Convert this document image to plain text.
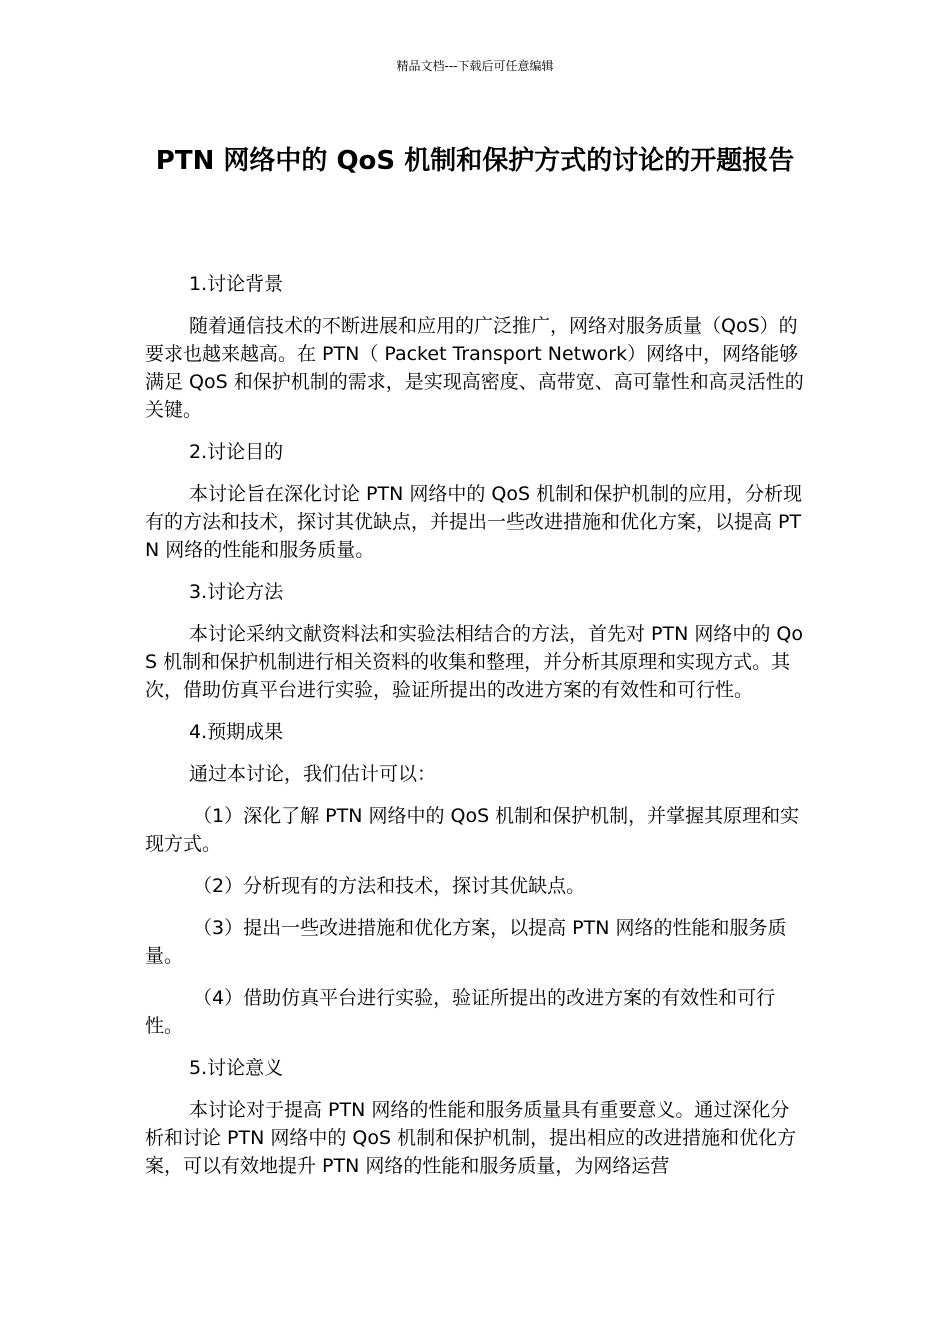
精品文档---下载后可任意编辑
PTN 网络中的 QoS 机制和保护方式的讨论的开题报告

1.讨论背景

随着通信技术的不断进展和应用的广泛推广，网络对服务质量（QoS）的要求也越来越高。在 PTN（ Packet Transport Network）网络中，网络能够满足 QoS 和保护机制的需求，是实现高密度、高带宽、高可靠性和高灵活性的关键。

2.讨论目的

本讨论旨在深化讨论 PTN 网络中的 QoS 机制和保护机制的应用，分析现有的方法和技术，探讨其优缺点，并提出一些改进措施和优化方案，以提高 PTN 网络的性能和服务质量。

3.讨论方法

本讨论采纳文献资料法和实验法相结合的方法，首先对 PTN 网络中的 QoS 机制和保护机制进行相关资料的收集和整理，并分析其原理和实现方式。其次，借助仿真平台进行实验，验证所提出的改进方案的有效性和可行性。

4.预期成果

通过本讨论，我们估计可以：

（1）深化了解 PTN 网络中的 QoS 机制和保护机制，并掌握其原理和实现方式。

（2）分析现有的方法和技术，探讨其优缺点。

（3）提出一些改进措施和优化方案，以提高 PTN 网络的性能和服务质量。

（4）借助仿真平台进行实验，验证所提出的改进方案的有效性和可行性。

5.讨论意义

本讨论对于提高 PTN 网络的性能和服务质量具有重要意义。通过深化分析和讨论 PTN 网络中的 QoS 机制和保护机制，提出相应的改进措施和优化方案，可以有效地提升 PTN 网络的性能和服务质量，为网络运营
